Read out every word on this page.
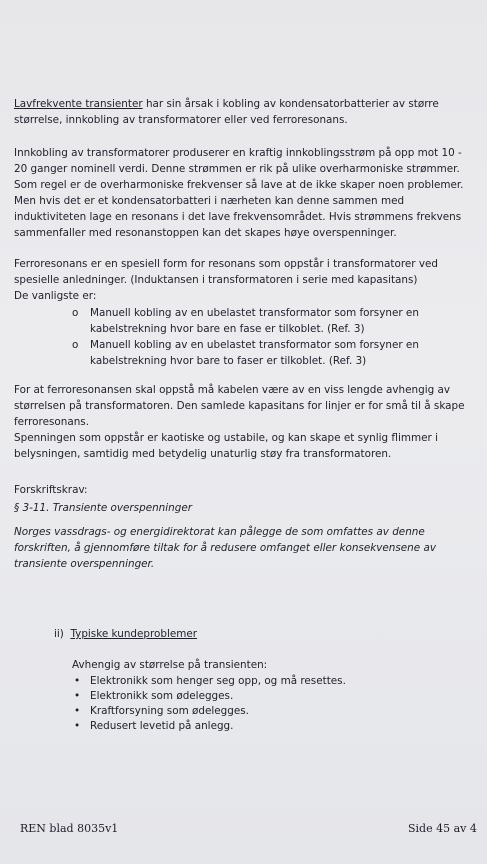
Lavfrekvente transienter har sin årsak i kobling av kondensatorbatterier av større

størrelse, innkobling av transformatorer eller ved ferroresonans.

Innkobling av transformatorer produserer en kraftig innkoblingsstrøm på opp mot 10 -

20 ganger nominell verdi. Denne strømmen er rik på ulike overharmoniske strømmer.

Som regel er de overharmoniske frekvenser så lave at de ikke skaper noen problemer.

Men hvis det er et kondensatorbatteri i nærheten kan denne sammen med

induktiviteten lage en resonans i det lave frekvensområdet. Hvis strømmens frekvens

sammenfaller med resonanstoppen kan det skapes høye overspenninger.

Ferroresonans er en spesiell form for resonans som oppstår i transformatorer ved

spesielle anledninger. (Induktansen i transformatoren i serie med kapasitans)

De vanligste er:

o Manuell kobling av en ubelastet transformator som forsyner en
kabelstrekning hvor bare en fase er tilkoblet. (Ref. 3)
o Manuell kobling av en ubelastet transformator som forsyner en
kabelstrekning hvor bare to faser er tilkoblet. (Ref. 3)

For at ferroresonansen skal oppstå må kabelen være av en viss lengde avhengig av

størrelsen på transformatoren. Den samlede kapasitans for linjer er for små til å skape

ferroresonans.

Spenningen som oppstår er kaotiske og ustabile, og kan skape et synlig flimmer i

belysningen, samtidig med betydelig unaturlig støy fra transformatoren.

Forskriftskrav:

§ 3-11. Transiente overspenninger

Norges vassdrags- og energidirektorat kan pålegge de som omfattes av denne

forskriften, å gjennomføre tiltak for å redusere omfanget eller konsekvensene av

transiente overspenninger.

ii) Typiske kundeproblemer

Avhengig av størrelse på transienten:

• Elektronikk som henger seg opp, og må resettes.
• Elektronikk som ødelegges.
• Kraftforsyning som ødelegges.
• Redusert levetid på anlegg.
REN blad 8035v1	Side 45 av 4
